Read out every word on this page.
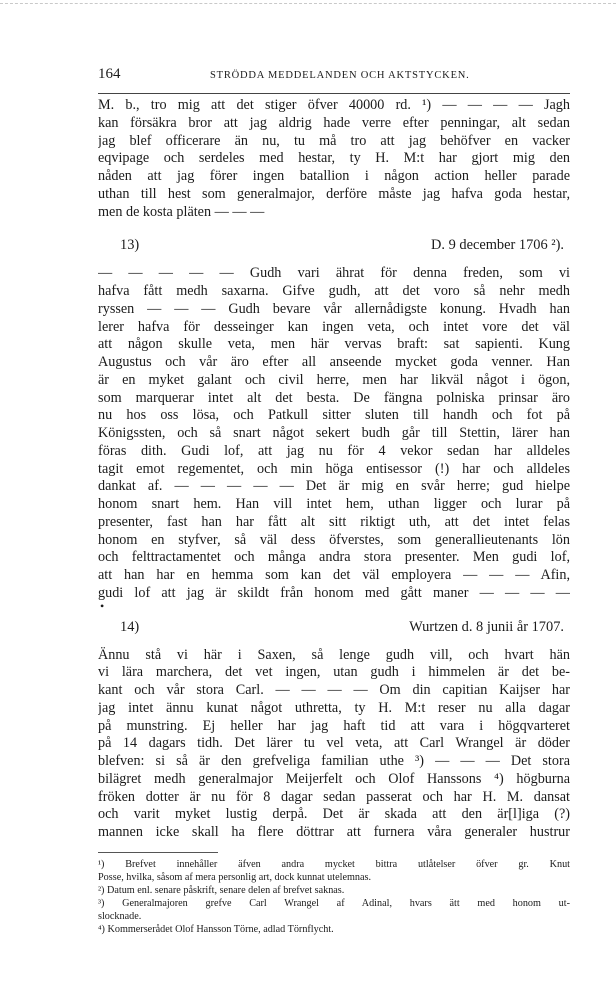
164	STRÖDDA MEDDELANDEN OCH AKTSTYCKEN.
M. b., tro mig att det stiger öfver 40000 rd. ¹) — — — — Jagh
kan försäkra bror att jag aldrig hade verre efter penningar, alt sedan
jag blef officerare än nu, tu må tro att jag behöfver en vacker
eqvipage och serdeles med hestar, ty H. M:t har gjort mig den
nåden att jag förer ingen batallion i någon action heller parade
uthan till hest som generalmajor, derföre måste jag hafva goda hestar,
men de kosta pläten — — —
13)	D. 9 december 1706 ²).
— — — — — Gudh vari ährat för denna freden, som vi
hafva fått medh saxarna. Gifve gudh, att det voro så nehr medh
ryssen — — — Gudh bevare vår allernådigste konung. Hvadh han
lerer hafva för desseinger kan ingen veta, och intet vore det väl
att någon skulle veta, men här vervas braft: sat sapienti. Kung
Augustus och vår äro efter all anseende mycket goda venner. Han
är en myket galant och civil herre, men har likväl något i ögon,
som marquerar intet alt det besta. De fängna polniska prinsar äro
nu hos oss lösa, och Patkull sitter sluten till handh och fot på
Königssten, och så snart något sekert budh går till Stettin, lärer han
föras dith. Gudi lof, att jag nu för 4 vekor sedan har alldeles
tagit emot regementet, och min höga entisessor (!) har och alldeles
dankat af. — — — — — Det är mig en svår herre; gud hielpe
honom snart hem. Han vill intet hem, uthan ligger och lurar på
presenter, fast han har fått alt sitt riktigt uth, att det intet felas
honom en styfver, så väl dess öfverstes, som generallieutenants lön
och felttractamentet och många andra stora presenter. Men gudi lof,
att han har en hemma som kan det väl employera — — — Afin,
gudi lof att jag är skildt från honom med gått maner — — — —
•
14)	Wurtzen d. 8 junii år 1707.
Ännu stå vi här i Saxen, så lenge gudh vill, och hvart hän
vi lära marchera, det vet ingen, utan gudh i himmelen är det be-
kant och vår stora Carl. — — — — Om din capitian Kaijser har
jag intet ännu kunat något uthretta, ty H. M:t reser nu alla dagar
på munstring. Ej heller har jag haft tid att vara i högqvarteret
på 14 dagars tidh. Det lärer tu vel veta, att Carl Wrangel är döder
blefven: si så är den grefveliga familian uthe ³) — — — Det stora
bilägret medh generalmajor Meijerfelt och Olof Hanssons ⁴) högburna
fröken dotter är nu för 8 dagar sedan passerat och har H. M. dansat
och varit myket lustig derpå. Det är skada att den är[l]iga (?)
mannen icke skall ha flere döttrar att furnera våra generaler hustrur
¹) Brefvet innehåller äfven andra mycket bittra utlåtelser öfver gr. Knut
Posse, hvilka, såsom af mera personlig art, dock kunnat utelemnas.
²) Datum enl. senare påskrift, senare delen af brefvet saknas.
³) Generalmajoren grefve Carl Wrangel af Adinal, hvars ätt med honom ut-
slocknade.
⁴) Kommerserådet Olof Hansson Törne, adlad Törnflycht.
